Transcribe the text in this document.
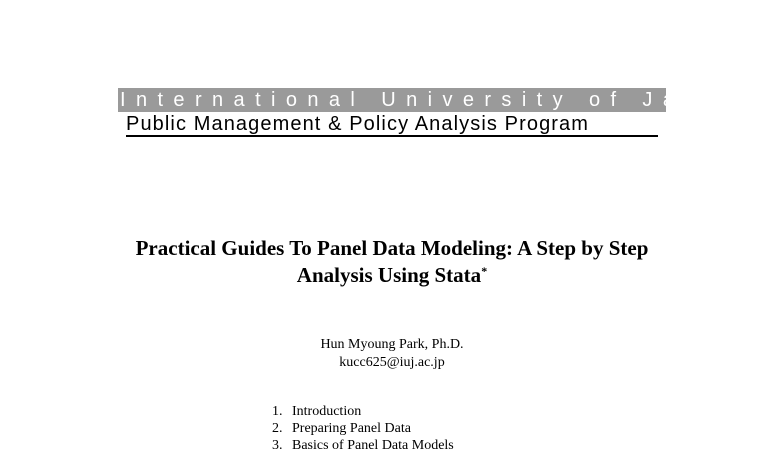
International University of Japan
Public Management & Policy Analysis Program
Practical Guides To Panel Data Modeling: A Step by Step
Analysis Using Stata*
Hun Myoung Park, Ph.D.
kucc625@iuj.ac.jp
1. Introduction
2. Preparing Panel Data
3. Basics of Panel Data Models
